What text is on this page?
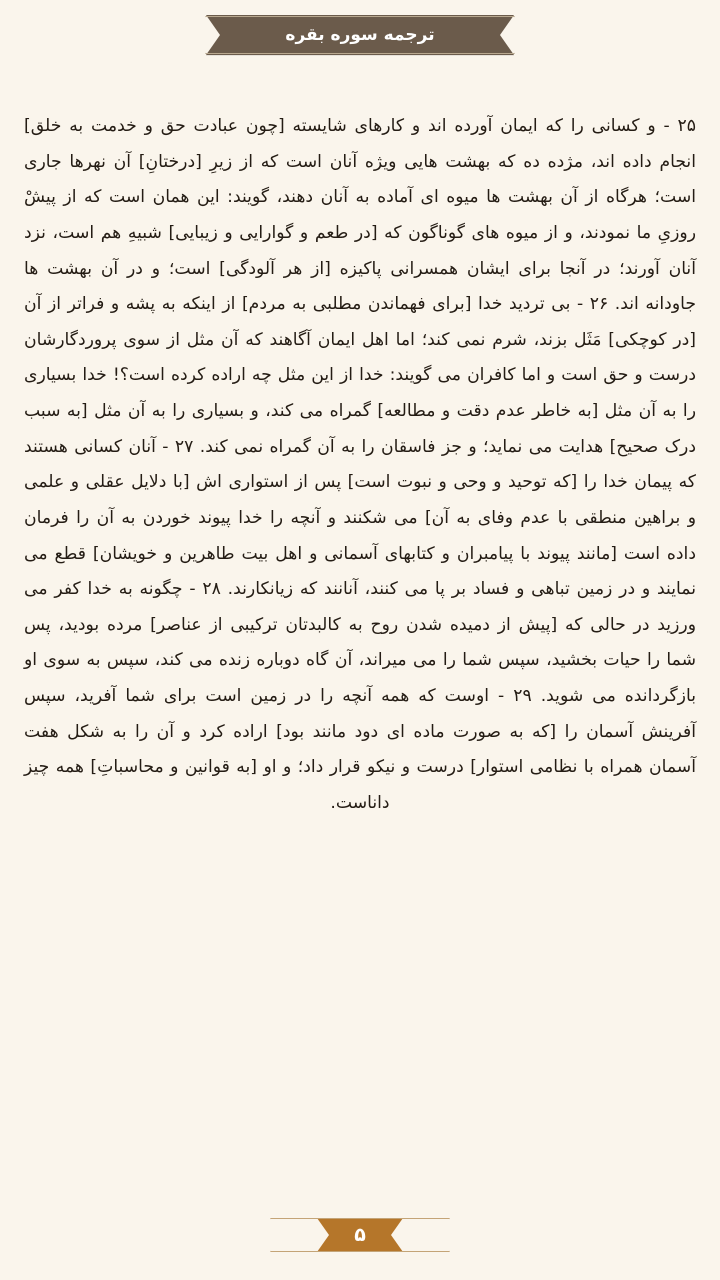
ترجمه سوره بقره

۲۵ - و کسانی را که ایمان آورده اند و کارهای شایسته [چون عبادت حق و خدمت به خلق] انجام داده اند، مژده ده که بهشت هایی ویژه آنان است که از زیرِ [درختانِ] آن نهرها جاری است؛ هرگاه از آن بهشت ها میوه ای آماده به آنان دهند، گویند: این همان است که از پیشْ روزیِ ما نمودند، و از میوه های گوناگون که [در طعم و گوارایی و زیبایی] شبیهِ هم است، نزد آنان آورند؛ در آنجا برای ایشان همسرانی پاکیزه [از هر آلودگی] است؛ و در آن بهشت ها جاودانه اند. ۲۶ - بی تردید خدا [برای فهماندن مطلبی به مردم] از اینکه به پشه و فراتر از آن [در کوچکی] مَثَل بزند، شرم نمی کند؛ اما اهل ایمان آگاهند که آن مثل از سوی پروردگارشان درست و حق است و اما کافران می گویند: خدا از این مثل چه اراده کرده است؟! خدا بسیاری را به آن مثل [به خاطر عدم دقت و مطالعه] گمراه می کند، و بسیاری را به آن مثل [به سبب درک صحیح] هدایت می نماید؛ و جز فاسقان را به آن گمراه نمی کند. ۲۷ - آنان کسانی هستند که پیمان خدا را [که توحید و وحی و نبوت است] پس از استواری اش [با دلایل عقلی و علمی و براهین منطقی با عدم وفای به آن] می شکنند و آنچه را خدا پیوند خوردن به آن را فرمان داده است [مانند پیوند با پیامبران و کتابهای آسمانی و اهل بیت طاهرین و خویشان] قطع می نمایند و در زمین تباهی و فساد بر پا می کنند، آنانند که زیانکارند. ۲۸ - چگونه به خدا کفر می ورزید در حالی که [پیش از دمیده شدن روح به کالبدتان ترکیبی از عناصر] مرده بودید، پس شما را حیات بخشید، سپس شما را می میراند، آن گاه دوباره زنده می کند، سپس به سوی او بازگردانده می شوید. ۲۹ - اوست که همه آنچه را در زمین است برای شما آفرید، سپس آفرینش آسمان را [که به صورت ماده ای دود مانند بود] اراده کرد و آن را به شکل هفت آسمان همراه با نظامی استوار] درست و نیکو قرار داد؛ و او [به قوانین و محاسباتِ] همه چیز داناست.

۵
